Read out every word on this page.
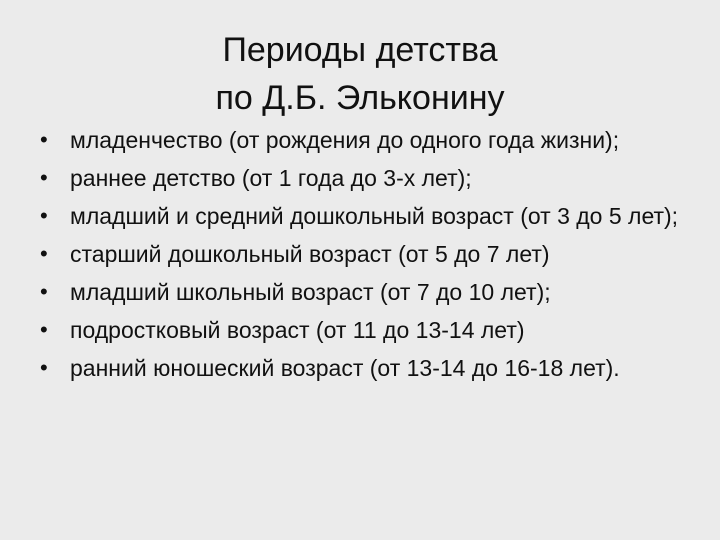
Периоды детства
по Д.Б. Эльконину
• младенчество (от рождения до одного года жизни);
• раннее детство (от 1 года до 3-х лет);
• младший и средний дошкольный возраст (от 3 до 5 лет);
• старший дошкольный возраст (от 5 до 7 лет)
• младший школьный возраст (от 7 до 10 лет);
• подростковый возраст (от 11 до 13-14 лет)
• ранний юношеский возраст (от 13-14 до 16-18 лет).
